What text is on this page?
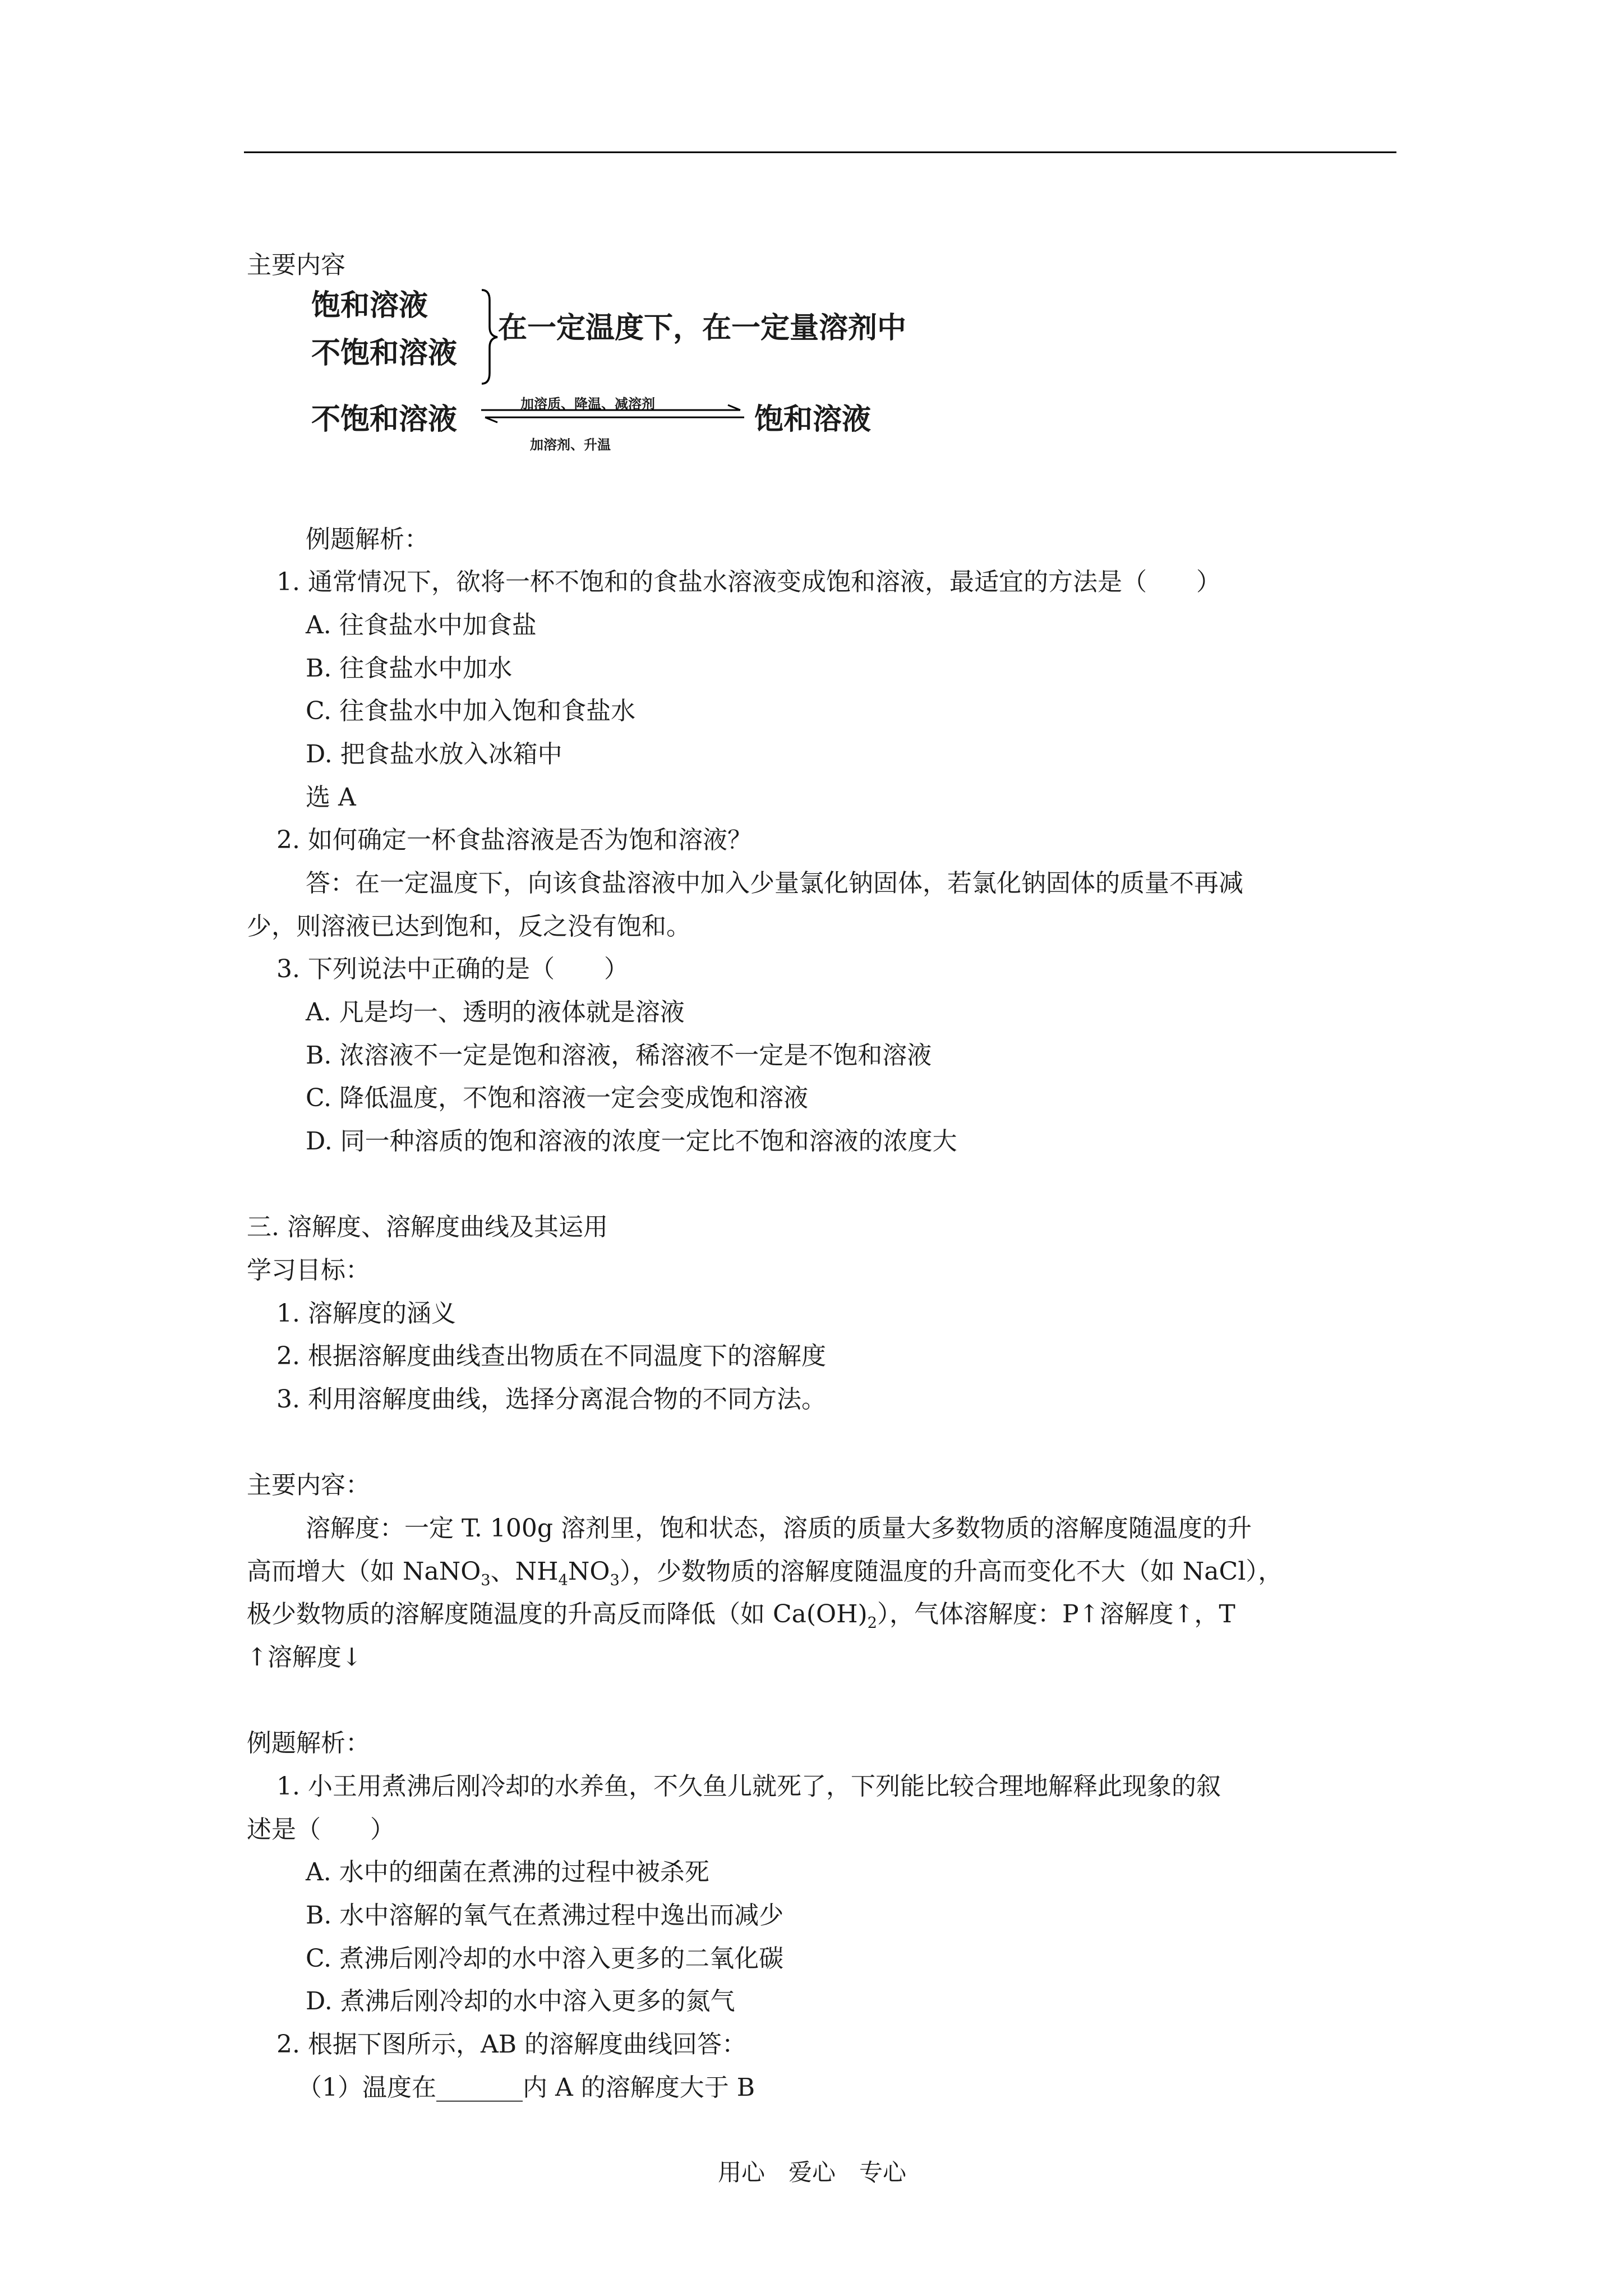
主要内容
饱和溶液
不饱和溶液
在一定温度下，在一定量溶剂中
不饱和溶液	加溶质、降温、减溶剂
加溶剂、升温
饱和溶液
例题解析：
1. 通常情况下，欲将一杯不饱和的食盐水溶液变成饱和溶液，最适宜的方法是（　　）
A. 往食盐水中加食盐
B. 往食盐水中加水
C. 往食盐水中加入饱和食盐水
D. 把食盐水放入冰箱中
选 A
2. 如何确定一杯食盐溶液是否为饱和溶液？
答：在一定温度下，向该食盐溶液中加入少量氯化钠固体，若氯化钠固体的质量不再减
少，则溶液已达到饱和，反之没有饱和。
3. 下列说法中正确的是（　　）
A. 凡是均一、透明的液体就是溶液
B. 浓溶液不一定是饱和溶液，稀溶液不一定是不饱和溶液
C. 降低温度，不饱和溶液一定会变成饱和溶液
D. 同一种溶质的饱和溶液的浓度一定比不饱和溶液的浓度大
三. 溶解度、溶解度曲线及其运用
学习目标：
1. 溶解度的涵义
2. 根据溶解度曲线查出物质在不同温度下的溶解度
3. 利用溶解度曲线，选择分离混合物的不同方法。
主要内容：
溶解度：一定 T. 100g 溶剂里，饱和状态，溶质的质量大多数物质的溶解度随温度的升
高而增大（如 NaNO$_3$、$NH_4NO_3$），少数物质的溶解度随温度的升高而变化不大（如 NaCl），
极少数物质的溶解度随温度的升高反而降低（如 $Ca(OH)_2$），气体溶解度：P↑溶解度↑，T
↑溶解度↓
例题解析：
1. 小王用煮沸后刚冷却的水养鱼，不久鱼儿就死了，下列能比较合理地解释此现象的叙
述是（　　）
A. 水中的细菌在煮沸的过程中被杀死
B. 水中溶解的氧气在煮沸过程中逸出而减少
C. 煮沸后刚冷却的水中溶入更多的二氧化碳
D. 煮沸后刚冷却的水中溶入更多的氮气
2. 根据下图所示，AB 的溶解度曲线回答：
（1）温度在_______内 A 的溶解度大于 B
用心　爱心　专心
